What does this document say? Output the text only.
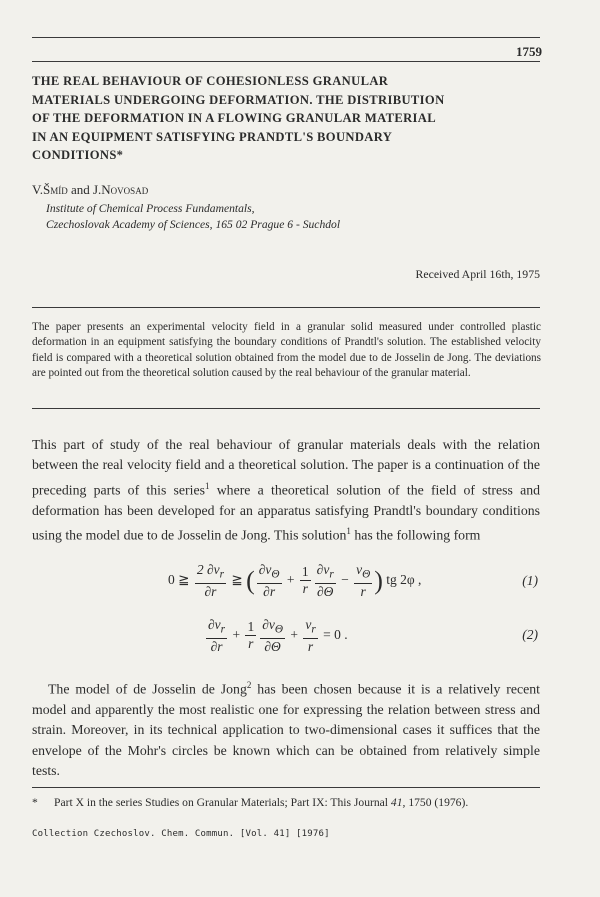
1759
THE REAL BEHAVIOUR OF COHESIONLESS GRANULAR
MATERIALS UNDERGOING DEFORMATION. THE DISTRIBUTION
OF THE DEFORMATION IN A FLOWING GRANULAR MATERIAL
IN AN EQUIPMENT SATISFYING PRANDTL'S BOUNDARY
CONDITIONS*
V.Šmíd and J.Novosad
Institute of Chemical Process Fundamentals,
Czechoslovak Academy of Sciences, 165 02 Prague 6 - Suchdol
Received April 16th, 1975
The paper presents an experimental velocity field in a granular solid measured under controlled plastic deformation in an equipment satisfying the boundary conditions of Prandtl's solution. The established velocity field is compared with a theoretical solution obtained from the model due to de Josselin de Jong. The deviations are pointed out from the theoretical solution caused by the real behaviour of the granular material.
This part of study of the real behaviour of granular materials deals with the relation between the real velocity field and a theoretical solution. The paper is a continuation of the preceding parts of this series$^1$ where a theoretical solution of the field of stress and deformation has been developed for an apparatus satisfying Prandtl's boundary conditions using the model due to de Josselin de Jong. This solution$^1$ has the following form
0 ≧ $\frac{2 \partial v_r}{\partial r}$ ≧ ( $\frac{\partial v_\Theta}{\partial r} + \frac{1}{r} \frac{\partial v_r}{\partial\Theta} - \frac{v_\Theta}{r}$ ) tg 2φ ,	(1)
$\frac{\partial v_r}{\partial r} + \frac{1}{r} \frac{\partial v_\Theta}{\partial\Theta} + \frac{v_r}{r} = 0$ .	(2)
The model of de Josselin de Jong$^2$ has been chosen because it is a relatively recent model and apparently the most realistic one for expressing the relation between stress and strain. Moreover, in its technical application to two-dimensional cases it suffices that the envelope of the Mohr's circles be known which can be obtained from relatively simple tests.
* Part X in the series Studies on Granular Materials; Part IX: This Journal 41, 1750 (1976).
Collection Czechoslov. Chem. Commun. [Vol. 41] [1976]
